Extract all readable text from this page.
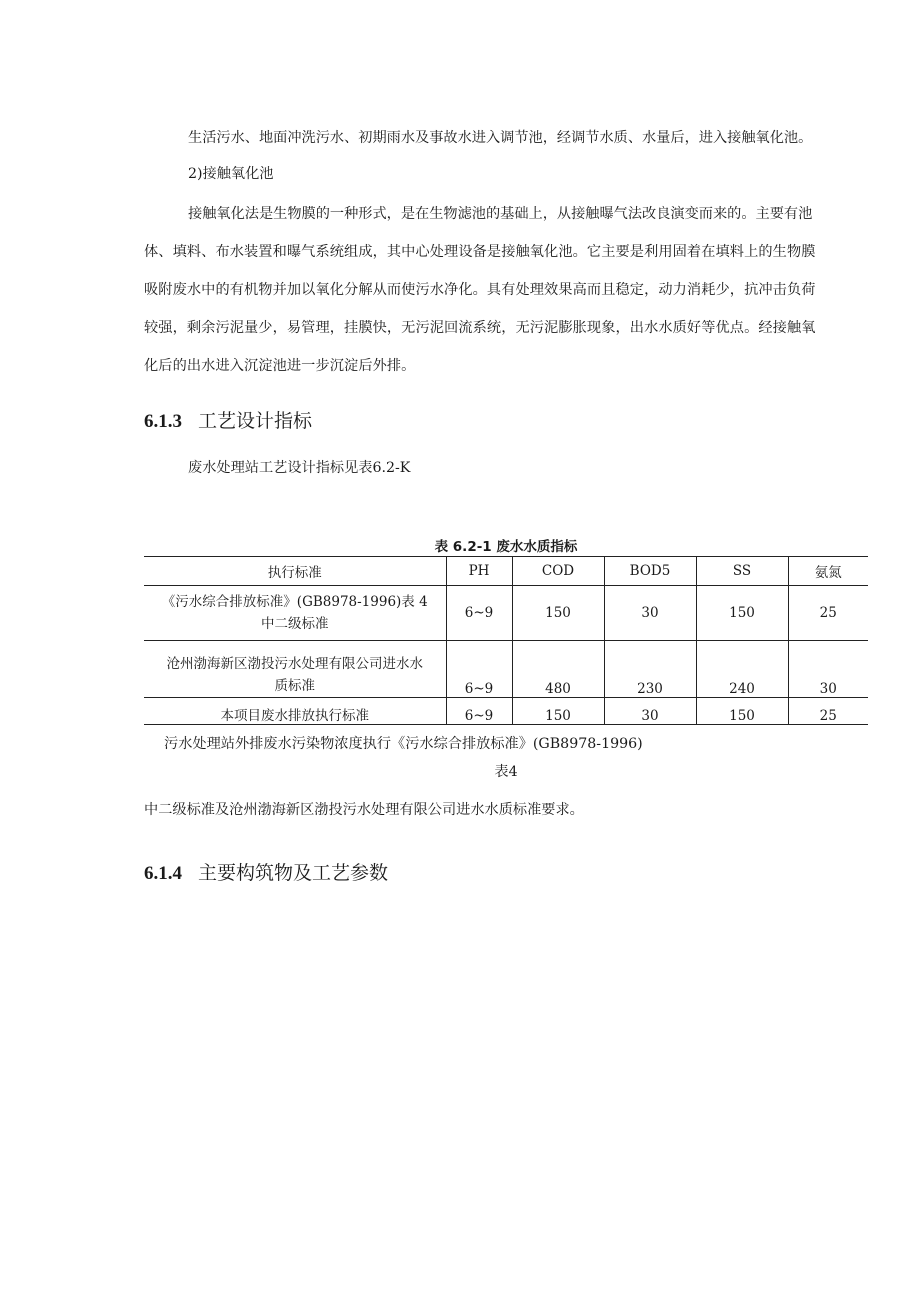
生活污水、地面冲洗污水、初期雨水及事故水进入调节池，经调节水质、水量后，进入接触氧化池。
2)接触氧化池
接触氧化法是生物膜的一种形式，是在生物滤池的基础上，从接触曝气法改良演变而来的。主要有池
体、填料、布水装置和曝气系统组成，其中心处理设备是接触氧化池。它主要是利用固着在填料上的生物膜
吸附废水中的有机物并加以氧化分解从而使污水净化。具有处理效果高而且稳定，动力消耗少，抗冲击负荷
较强，剩余污泥量少，易管理，挂膜快，无污泥回流系统，无污泥膨胀现象，出水水质好等优点。经接触氧
化后的出水进入沉淀池进一步沉淀后外排。
6.1.3 工艺设计指标
废水处理站工艺设计指标见表6.2-K
表 6.2-1 废水水质指标
执行标准	PH	COD	BOD5	SS	氨氮

《污水综合排放标准》(GB8978-1996)表 4
中二级标准	6~9	150	30	150	25

沧州渤海新区渤投污水处理有限公司进水水
质标准	6~9	480	230	240	30
本项目废水排放执行标准	6~9	150	30	150	25
污水处理站外排废水污染物浓度执行《污水综合排放标准》(GB8978-1996)
表4
中二级标准及沧州渤海新区渤投污水处理有限公司进水水质标准要求。
6.1.4 主要构筑物及工艺参数
